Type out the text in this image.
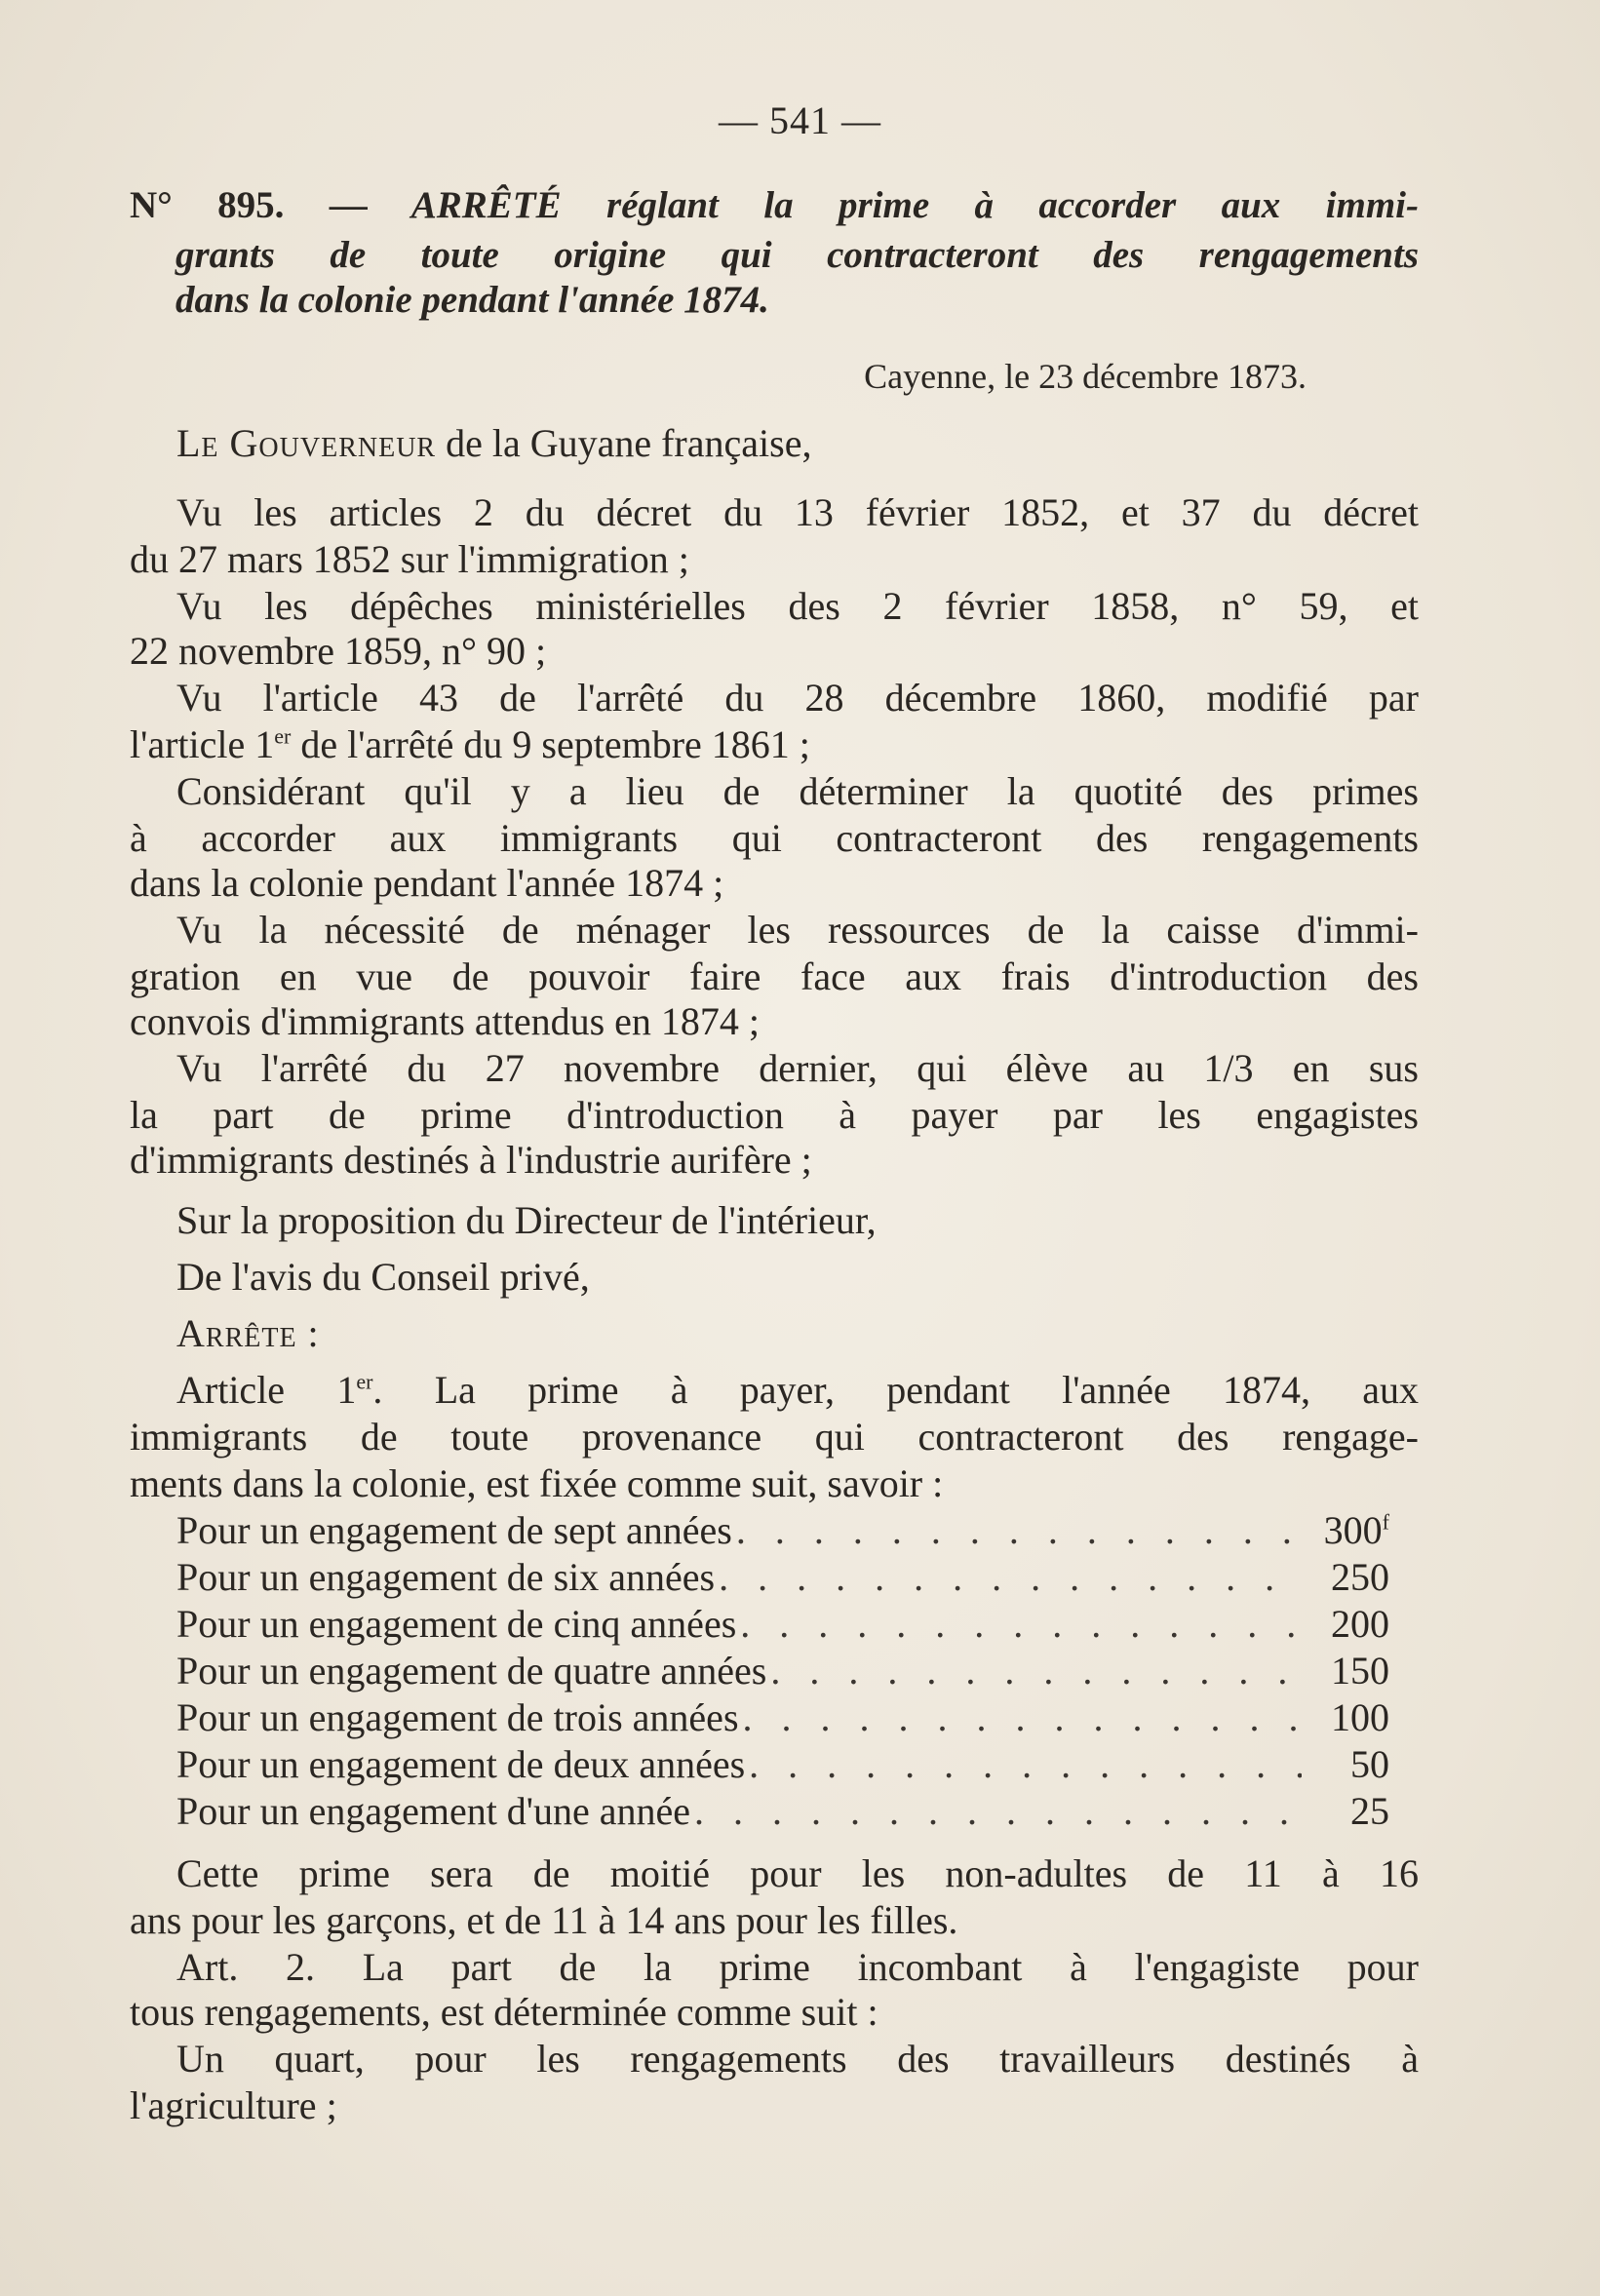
— 541 —
N° 895. — ARRÊTÉ réglant la prime à accorder aux immi-
grants de toute origine qui contracteront des rengagements
dans la colonie pendant l'année 1874.
Cayenne, le 23 décembre 1873.
Le Gouverneur de la Guyane française,
Vu les articles 2 du décret du 13 février 1852, et 37 du décret
du 27 mars 1852 sur l'immigration ;
Vu les dépêches ministérielles des 2 février 1858, n° 59, et
22 novembre 1859, n° 90 ;
Vu l'article 43 de l'arrêté du 28 décembre 1860, modifié par
l'article 1er de l'arrêté du 9 septembre 1861 ;
Considérant qu'il y a lieu de déterminer la quotité des primes
à accorder aux immigrants qui contracteront des rengagements
dans la colonie pendant l'année 1874 ;
Vu la nécessité de ménager les ressources de la caisse d'immi-
gration en vue de pouvoir faire face aux frais d'introduction des
convois d'immigrants attendus en 1874 ;
Vu l'arrêté du 27 novembre dernier, qui élève au 1/3 en sus
la part de prime d'introduction à payer par les engagistes
d'immigrants destinés à l'industrie aurifère ;
Sur la proposition du Directeur de l'intérieur,
De l'avis du Conseil privé,
Arrête :
Article 1er. La prime à payer, pendant l'année 1874, aux
immigrants de toute provenance qui contracteront des rengage-
ments dans la colonie, est fixée comme suit, savoir :
Pour un engagement de sept années . . .	300$^f$
Pour un engagement de six années . . .	250
Pour un engagement de cinq années . . .	200
Pour un engagement de quatre années . . .	150
Pour un engagement de trois années . . .	100
Pour un engagement de deux années . . .	50
Pour un engagement d'une année . . .	25
Cette prime sera de moitié pour les non-adultes de 11 à 16
ans pour les garçons, et de 11 à 14 ans pour les filles.
Art. 2. La part de la prime incombant à l'engagiste pour
tous rengagements, est déterminée comme suit :
Un quart, pour les rengagements des travailleurs destinés à
l'agriculture ;
